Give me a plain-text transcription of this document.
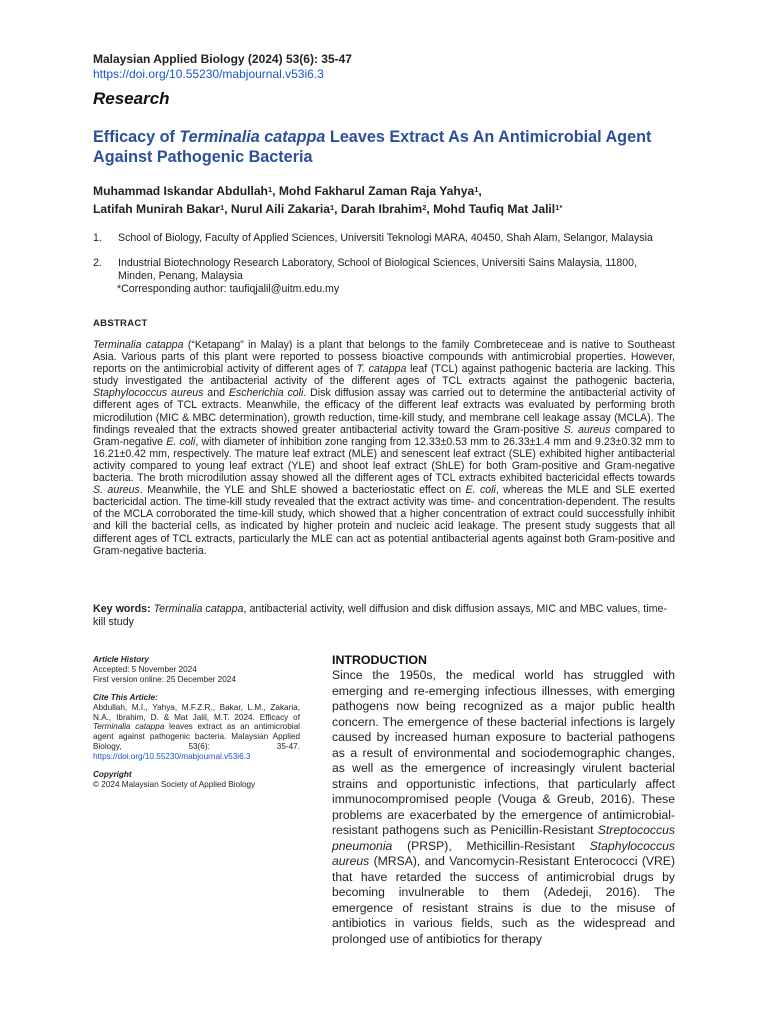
Malaysian Applied Biology (2024) 53(6): 35-47
https://doi.org/10.55230/mabjournal.v53i6.3
Research
Efficacy of Terminalia catappa Leaves Extract As An Antimicrobial Agent Against Pathogenic Bacteria
Muhammad Iskandar Abdullah$^1$, Mohd Fakharul Zaman Raja Yahya$^1$,
Latifah Munirah Bakar$^1$, Nurul Aili Zakaria$^1$, Darah Ibrahim$^2$, Mohd Taufiq Mat Jalil$^{1*}$
1. School of Biology, Faculty of Applied Sciences, Universiti Teknologi MARA, 40450, Shah Alam, Selangor, Malaysia
2. Industrial Biotechnology Research Laboratory, School of Biological Sciences, Universiti Sains Malaysia, 11800, Minden, Penang, Malaysia
*Corresponding author: taufiqjalil@uitm.edu.my
ABSTRACT
Terminalia catappa (“Ketapang” in Malay) is a plant that belongs to the family Combreteceae and is native to Southeast Asia. Various parts of this plant were reported to possess bioactive compounds with antimicrobial properties. However, reports on the antimicrobial activity of different ages of T. catappa leaf (TCL) against pathogenic bacteria are lacking. This study investigated the antibacterial activity of the different ages of TCL extracts against the pathogenic bacteria, Staphylococcus aureus and Escherichia coli. Disk diffusion assay was carried out to determine the antibacterial activity of different ages of TCL extracts. Meanwhile, the efficacy of the different leaf extracts was evaluated by performing broth microdilution (MIC & MBC determination), growth reduction, time-kill study, and membrane cell leakage assay (MCLA). The findings revealed that the extracts showed greater antibacterial activity toward the Gram-positive S. aureus compared to Gram-negative E. coli, with diameter of inhibition zone ranging from 12.33±0.53 mm to 26.33±1.4 mm and 9.23±0.32 mm to 16.21±0.42 mm, respectively. The mature leaf extract (MLE) and senescent leaf extract (SLE) exhibited higher antibacterial activity compared to young leaf extract (YLE) and shoot leaf extract (ShLE) for both Gram-positive and Gram-negative bacteria. The broth microdilution assay showed all the different ages of TCL extracts exhibited bactericidal effects towards S. aureus. Meanwhile, the YLE and ShLE showed a bacteriostatic effect on E. coli, whereas the MLE and SLE exerted bactericidal action. The time-kill study revealed that the extract activity was time- and concentration-dependent. The results of the MCLA corroborated the time-kill study, which showed that a higher concentration of extract could successfully inhibit and kill the bacterial cells, as indicated by higher protein and nucleic acid leakage. The present study suggests that all different ages of TCL extracts, particularly the MLE can act as potential antibacterial agents against both Gram-positive and Gram-negative bacteria.
Key words: Terminalia catappa, antibacterial activity, well diffusion and disk diffusion assays, MIC and MBC values, time-kill study
Article History
Accepted: 5 November 2024
First version online: 25 December 2024
Cite This Article:
Abdullah, M.I., Yahya, M.F.Z.R., Bakar, L.M., Zakaria, N.A., Ibrahim, D. & Mat Jalil, M.T. 2024. Efficacy of Terminalia catappa leaves extract as an antimicrobial agent against pathogenic bacteria. Malaysian Applied Biology, 53(6): 35-47. https://doi.org/10.55230/mabjournal.v53i6.3
Copyright
© 2024 Malaysian Society of Applied Biology
INTRODUCTION
Since the 1950s, the medical world has struggled with emerging and re-emerging infectious illnesses, with emerging pathogens now being recognized as a major public health concern. The emergence of these bacterial infections is largely caused by increased human exposure to bacterial pathogens as a result of environmental and sociodemographic changes, as well as the emergence of increasingly virulent bacterial strains and opportunistic infections, that particularly affect immunocompromised people (Vouga & Greub, 2016). These problems are exacerbated by the emergence of antimicrobial-resistant pathogens such as Penicillin-Resistant Streptococcus pneumonia (PRSP), Methicillin-Resistant Staphylococcus aureus (MRSA), and Vancomycin-Resistant Enterococci (VRE) that have retarded the success of antimicrobial drugs by becoming invulnerable to them (Adedeji, 2016). The emergence of resistant strains is due to the misuse of antibiotics in various fields, such as the widespread and prolonged use of antibiotics for therapy
